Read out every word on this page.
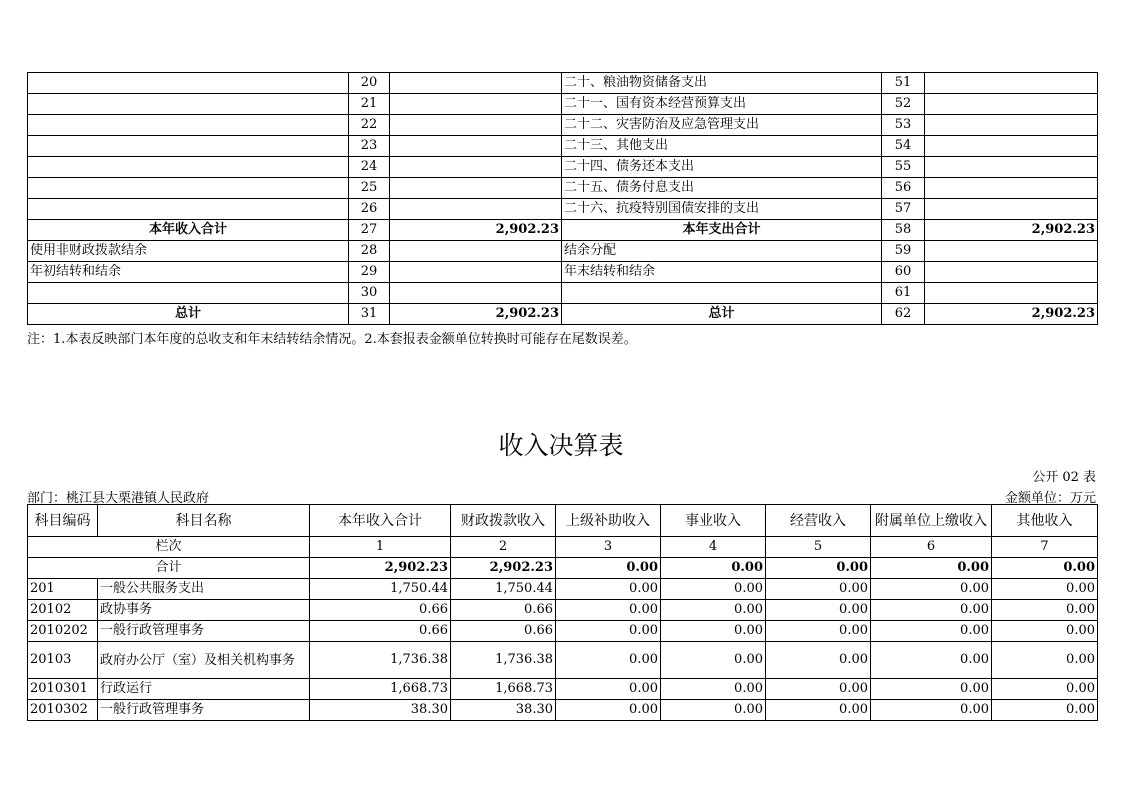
	20		二十、粮油物资储备支出	51	
	21		二十一、国有资本经营预算支出	52	
	22		二十二、灾害防治及应急管理支出	53	
	23		二十三、其他支出	54	
	24		二十四、债务还本支出	55	
	25		二十五、债务付息支出	56	
	26		二十六、抗疫特别国债安排的支出	57	
本年收入合计	27	2,902.23	本年支出合计	58	2,902.23
使用非财政拨款结余	28		结余分配	59	
年初结转和结余	29		年末结转和结余	60	
	30			61	
总计	31	2,902.23	总计	62	2,902.23
注：1.本表反映部门本年度的总收支和年末结转结余情况。2.本套报表金额单位转换时可能存在尾数误差。
收入决算表
公开 02 表
部门：桃江县大栗港镇人民政府	金额单位：万元
科目编码	科目名称	本年收入合计	财政拨款收入	上级补助收入	事业收入	经营收入	附属单位上缴收入	其他收入
栏次		1	2	3	4	5	6	7
合计		2,902.23	2,902.23	0.00	0.00	0.00	0.00	0.00
201	一般公共服务支出	1,750.44	1,750.44	0.00	0.00	0.00	0.00	0.00
20102	政协事务	0.66	0.66	0.00	0.00	0.00	0.00	0.00
2010202	一般行政管理事务	0.66	0.66	0.00	0.00	0.00	0.00	0.00
20103	政府办公厅（室）及相关机构事务	1,736.38	1,736.38	0.00	0.00	0.00	0.00	0.00
2010301	行政运行	1,668.73	1,668.73	0.00	0.00	0.00	0.00	0.00
2010302	一般行政管理事务	38.30	38.30	0.00	0.00	0.00	0.00	0.00
